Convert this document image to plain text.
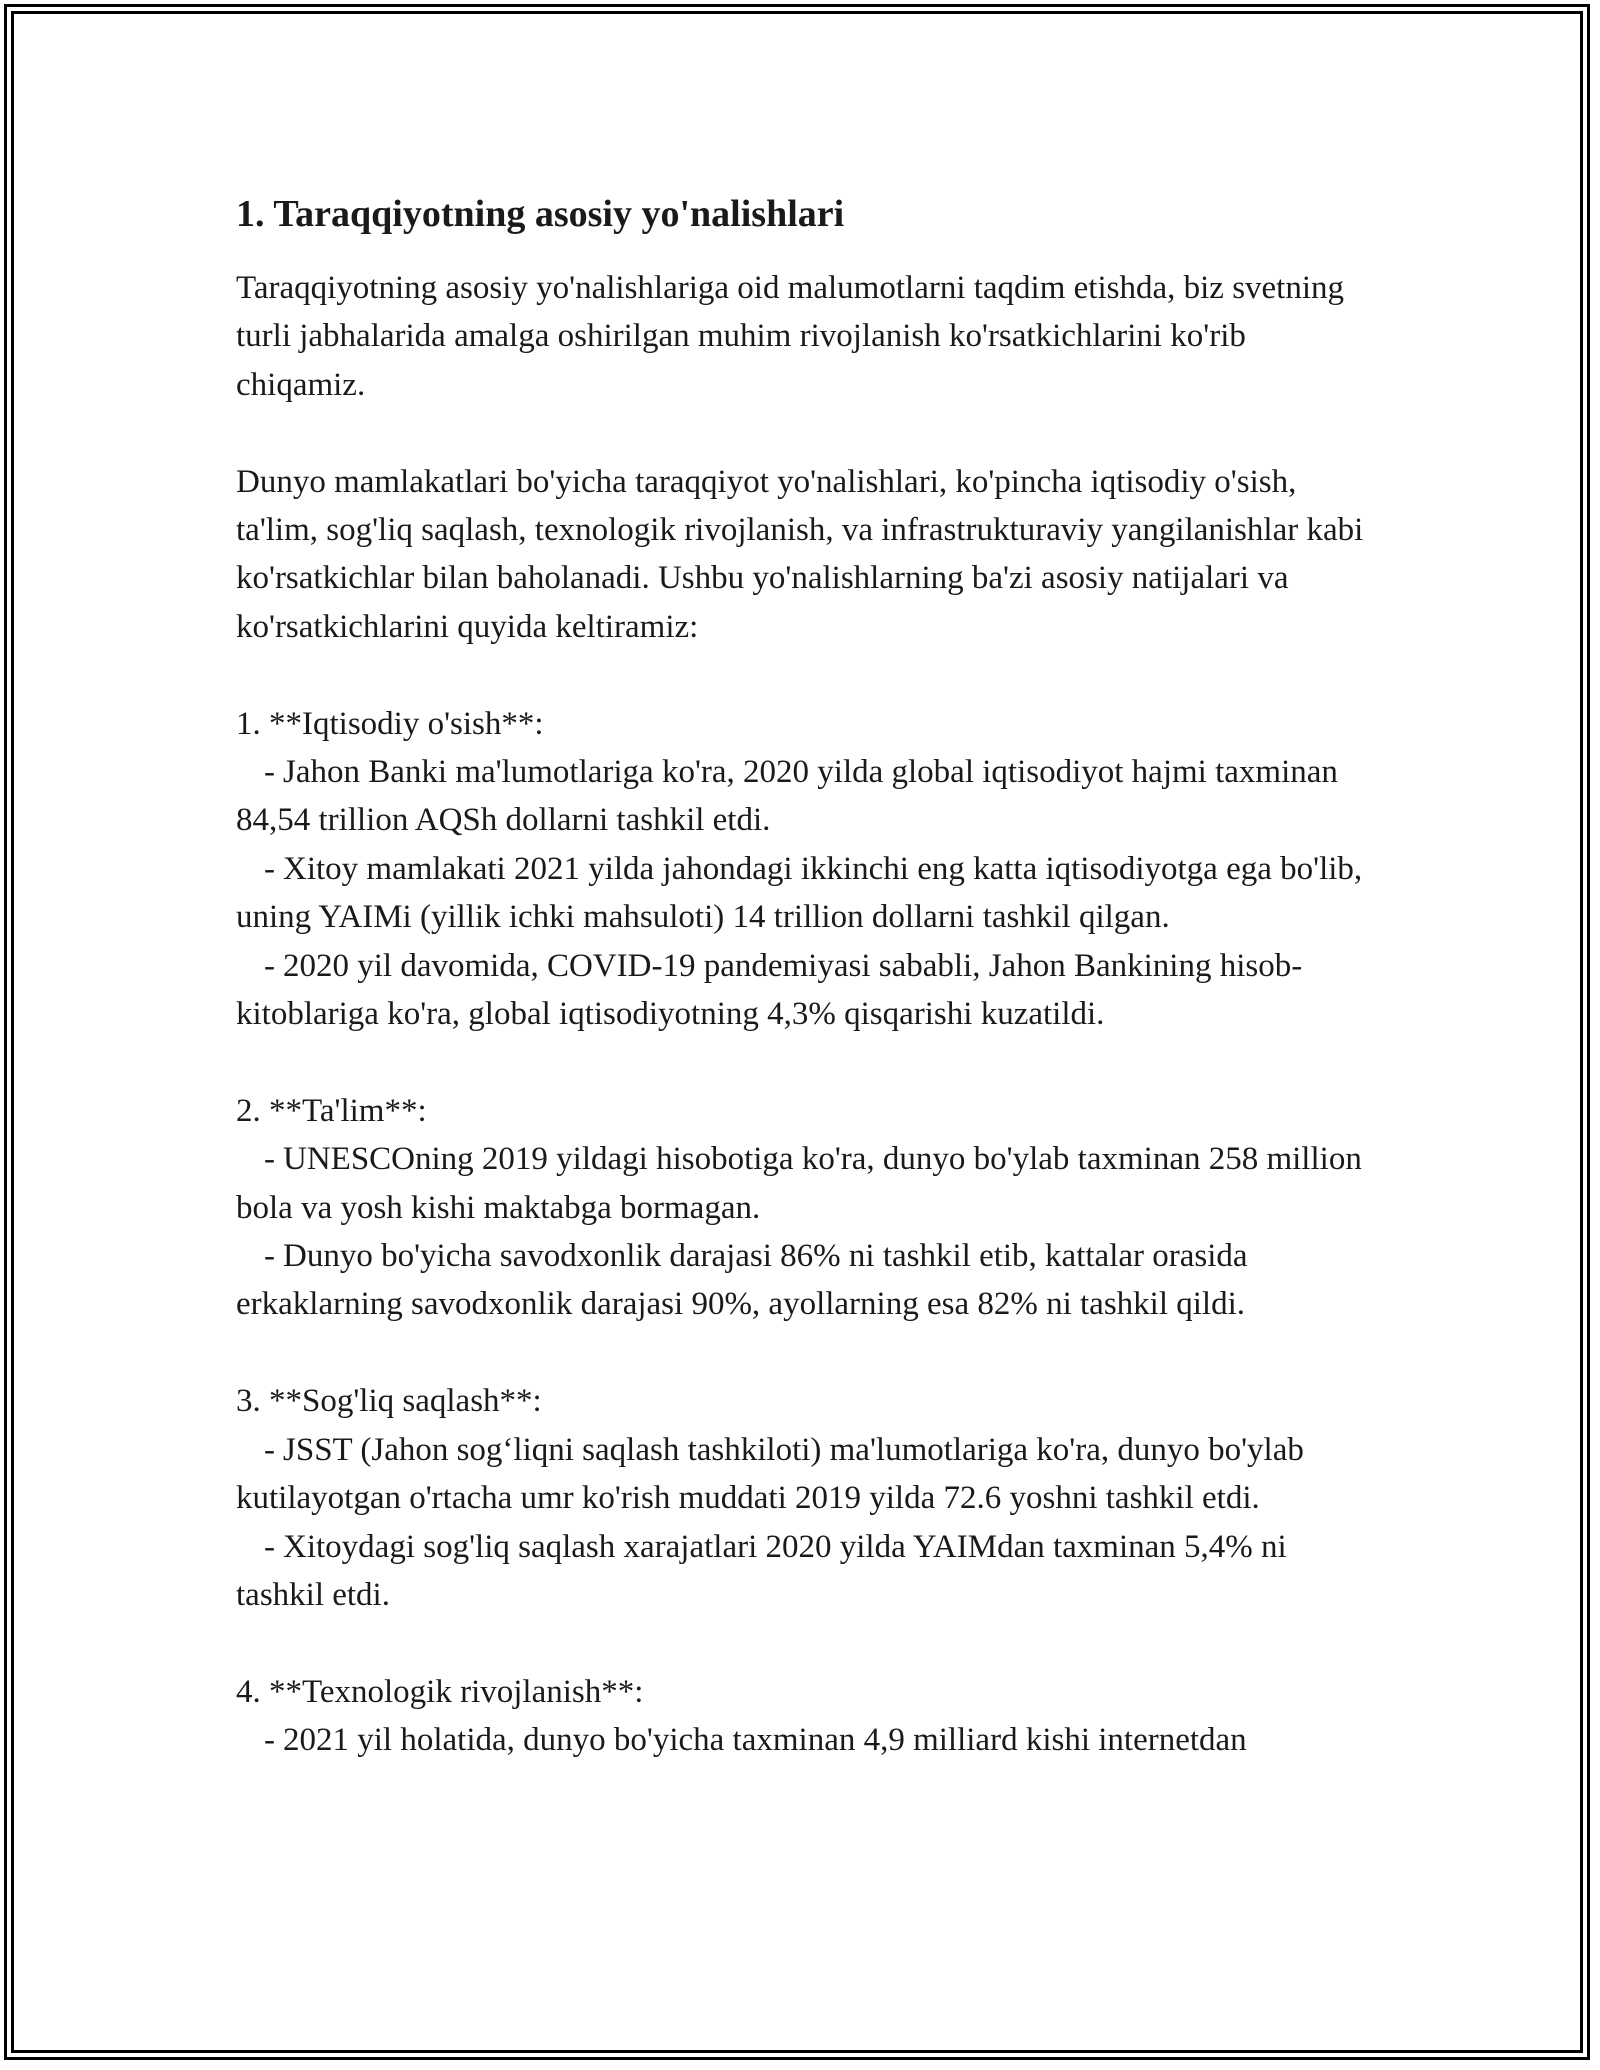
1. Taraqqiyotning asosiy yo'nalishlari

Taraqqiyotning asosiy yo'nalishlariga oid malumotlarni taqdim etishda, biz svetning turli jabhalarida amalga oshirilgan muhim rivojlanish ko'rsatkichlarini ko'rib chiqamiz.

Dunyo mamlakatlari bo'yicha taraqqiyot yo'nalishlari, ko'pincha iqtisodiy o'sish, ta'lim, sog'liq saqlash, texnologik rivojlanish, va infrastrukturaviy yangilanishlar kabi ko'rsatkichlar bilan baholanadi. Ushbu yo'nalishlarning ba'zi asosiy natijalari va ko'rsatkichlarini quyida keltiramiz:

1. **Iqtisodiy o'sish**:

- Jahon Banki ma'lumotlariga ko'ra, 2020 yilda global iqtisodiyot hajmi taxminan 84,54 trillion AQSh dollarni tashkil etdi.

- Xitoy mamlakati 2021 yilda jahondagi ikkinchi eng katta iqtisodiyotga ega bo'lib, uning YAIMi (yillik ichki mahsuloti) 14 trillion dollarni tashkil qilgan.

- 2020 yil davomida, COVID-19 pandemiyasi sababli, Jahon Bankining hisob-kitoblariga ko'ra, global iqtisodiyotning 4,3% qisqarishi kuzatildi.

2. **Ta'lim**:

- UNESCOning 2019 yildagi hisobotiga ko'ra, dunyo bo'ylab taxminan 258 million bola va yosh kishi maktabga bormagan.

- Dunyo bo'yicha savodxonlik darajasi 86% ni tashkil etib, kattalar orasida erkaklarning savodxonlik darajasi 90%, ayollarning esa 82% ni tashkil qildi.

3. **Sog'liq saqlash**:

- JSST (Jahon sog‘liqni saqlash tashkiloti) ma'lumotlariga ko'ra, dunyo bo'ylab kutilayotgan o'rtacha umr ko'rish muddati 2019 yilda 72.6 yoshni tashkil etdi.

- Xitoydagi sog'liq saqlash xarajatlari 2020 yilda YAIMdan taxminan 5,4% ni tashkil etdi.

4. **Texnologik rivojlanish**:

- 2021 yil holatida, dunyo bo'yicha taxminan 4,9 milliard kishi internetdan
